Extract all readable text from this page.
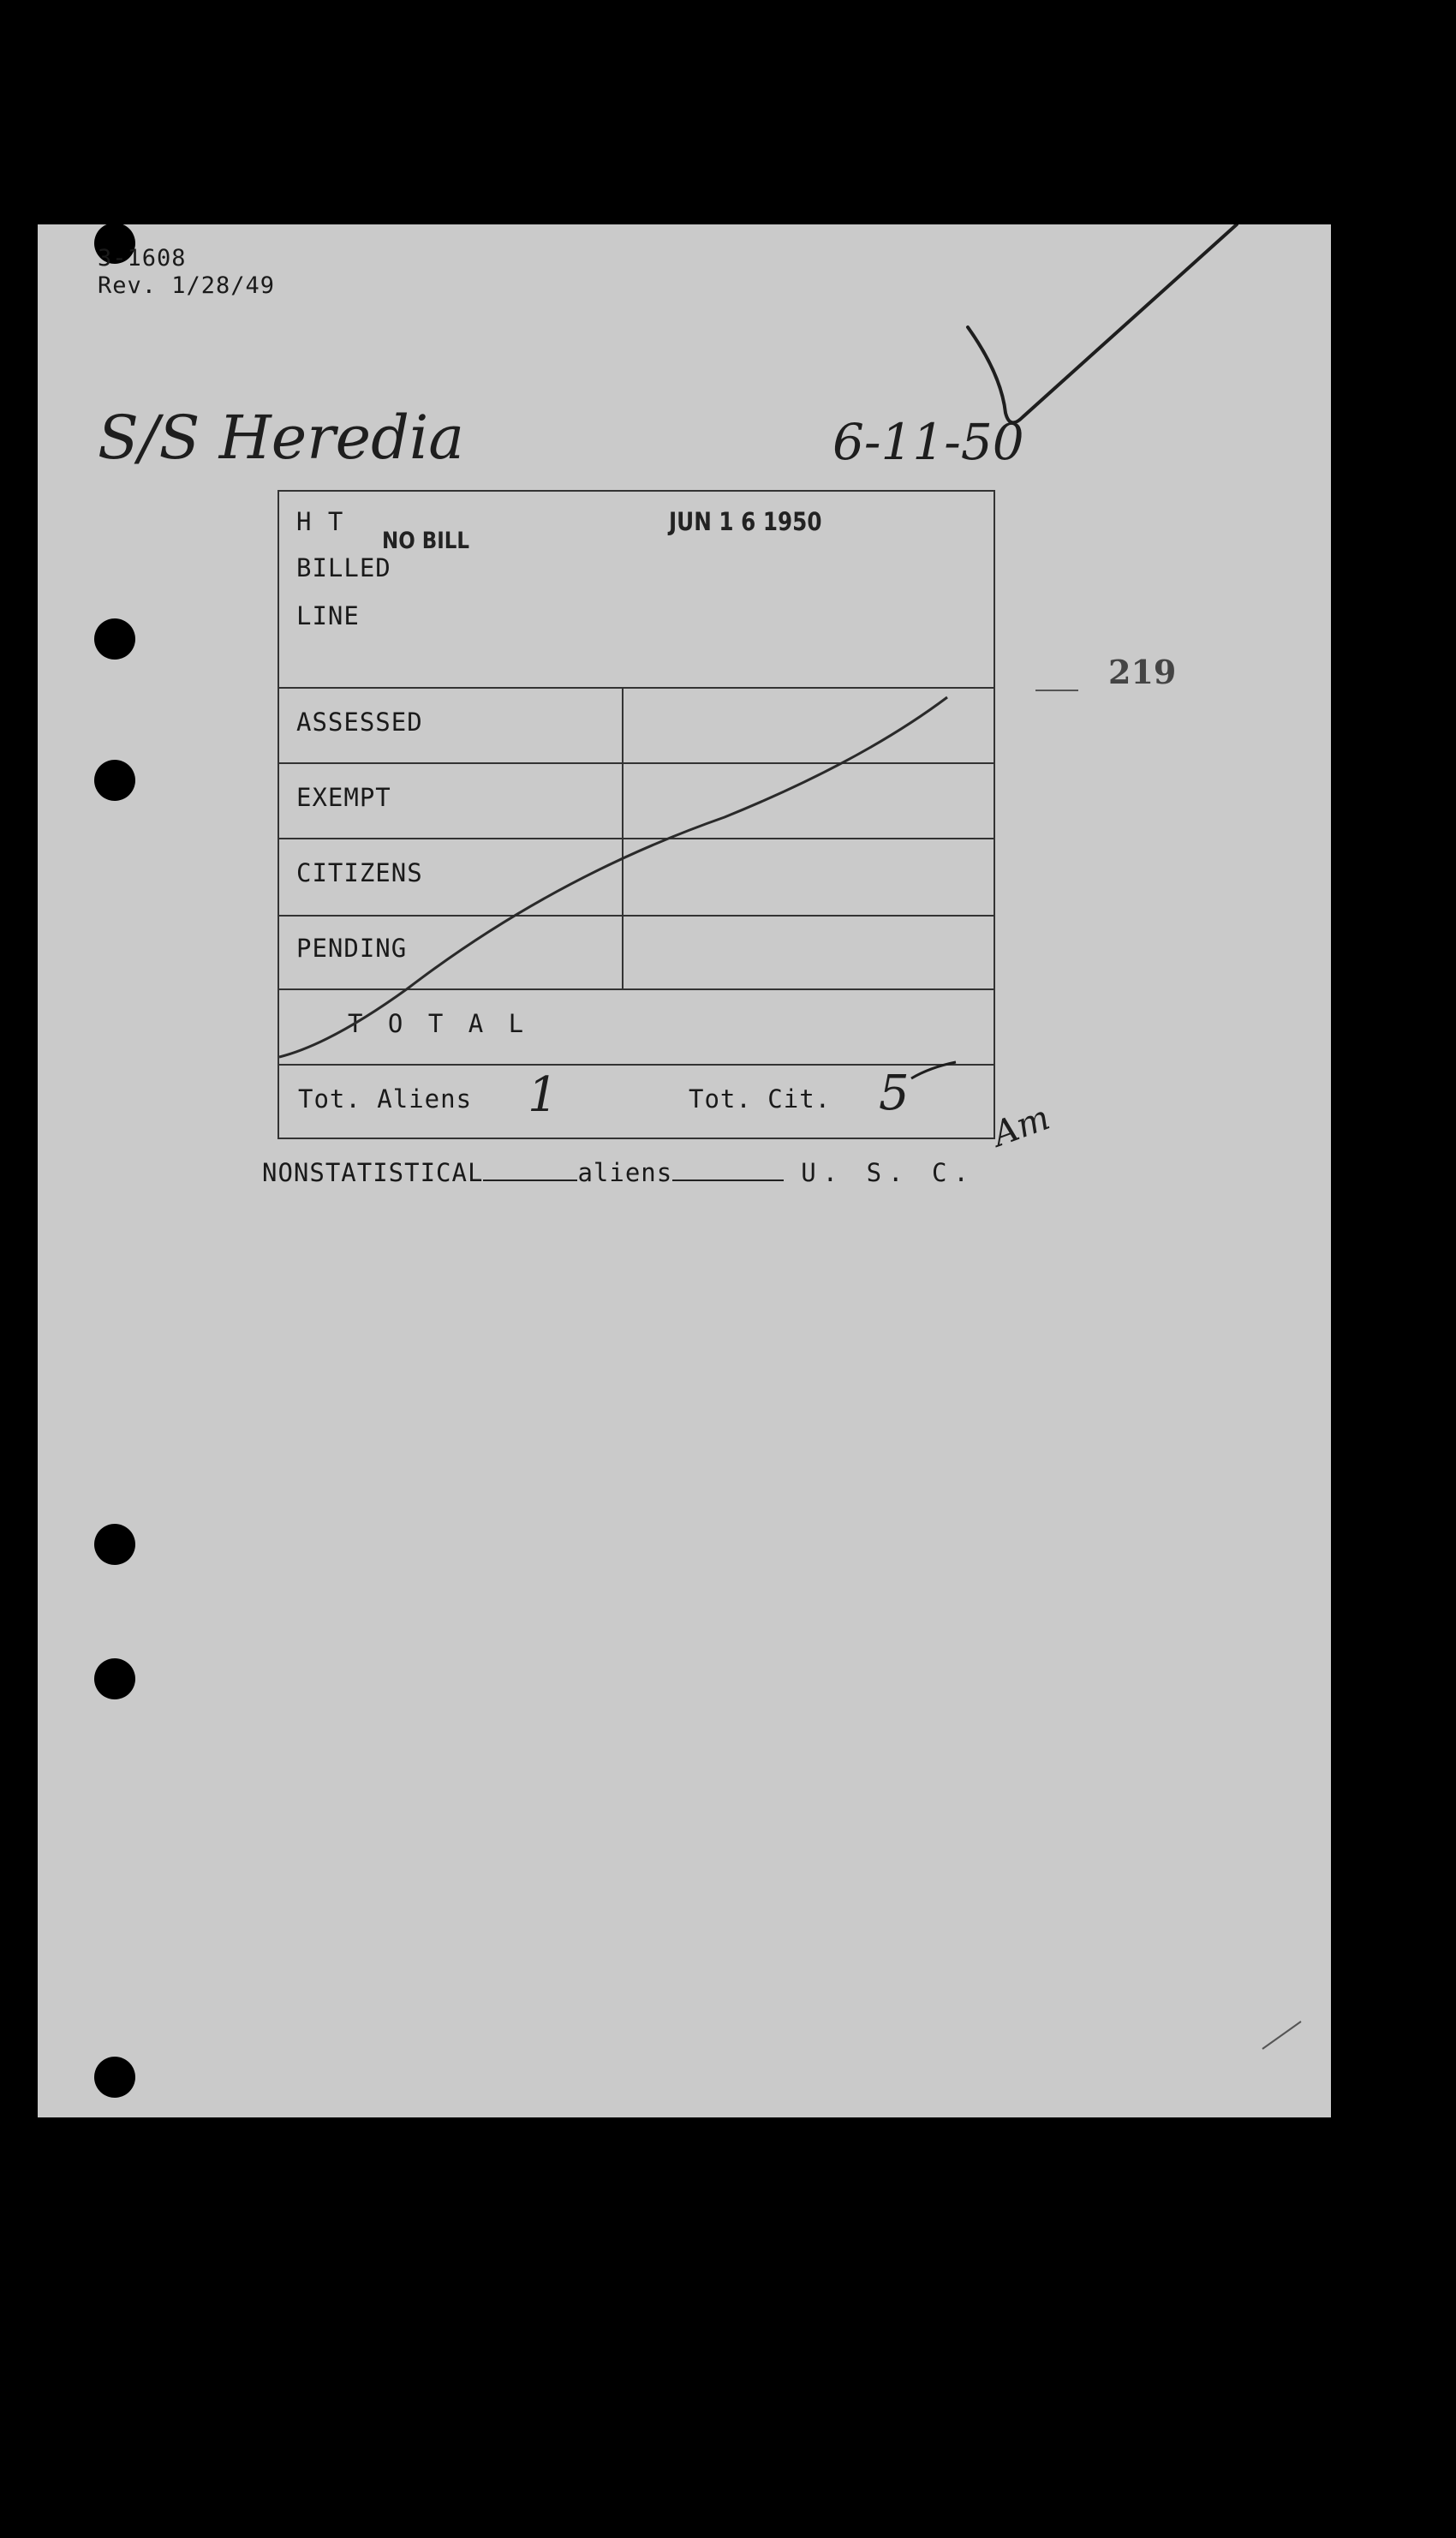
3-1608
Rev. 1/28/49
S/S Heredia	6-11-50
219
H T
NO BILL
JUN 1 6 1950
BILLED
LINE
ASSESSED
EXEMPT
CITIZENS
PENDING
T O T A L
Tot. Aliens 1	Tot. Cit. 5
Am
NONSTATISTICAL	aliens	U. S. C.
